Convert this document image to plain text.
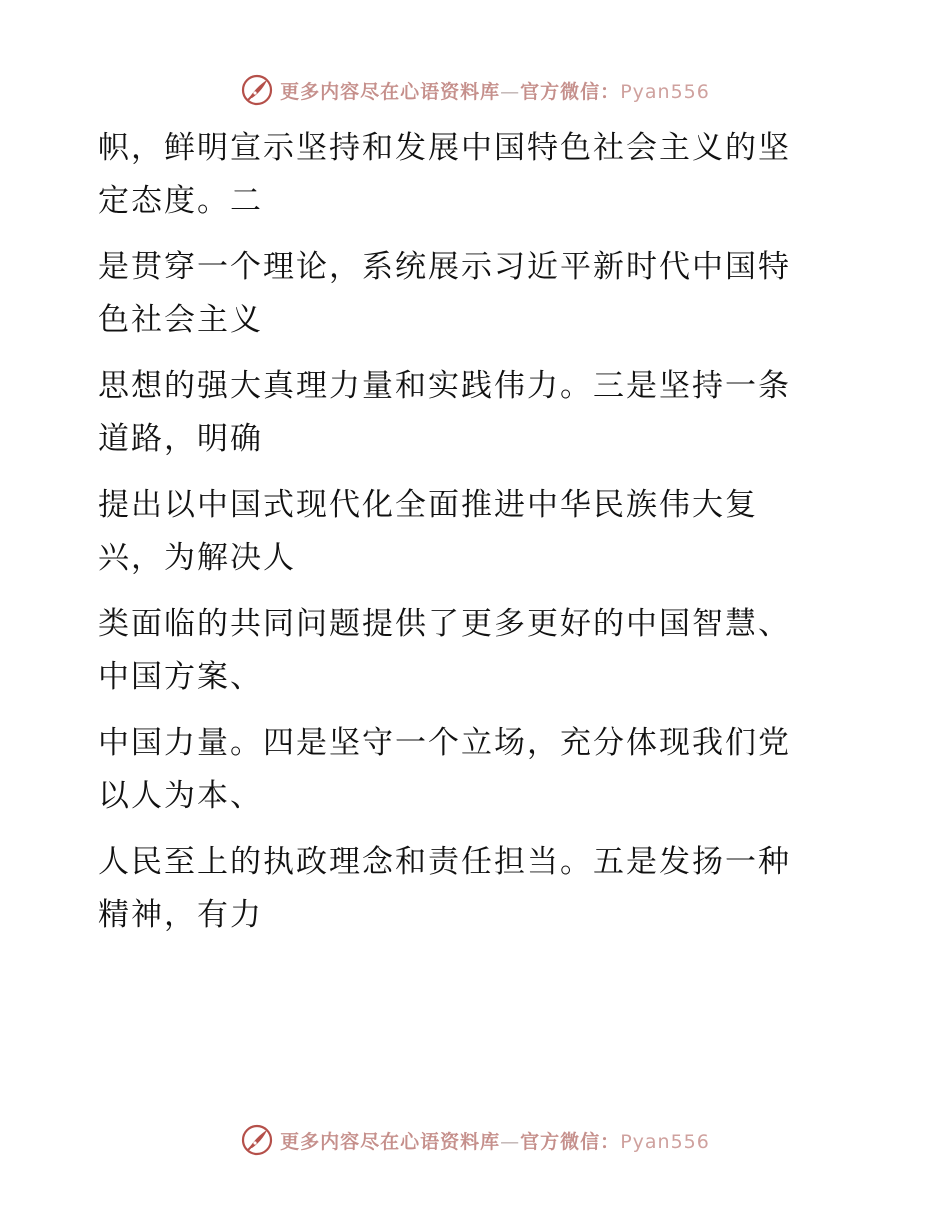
更多内容尽在心语资料库—官方微信：Pyan556

帜，鲜明宣示坚持和发展中国特色社会主义的坚
定态度。二

是贯穿一个理论，系统展示习近平新时代中国特
色社会主义

思想的强大真理力量和实践伟力。三是坚持一条
道路，明确

提出以中国式现代化全面推进中华民族伟大复
兴，为解决人

类面临的共同问题提供了更多更好的中国智慧、
中国方案、

中国力量。四是坚守一个立场，充分体现我们党
以人为本、

人民至上的执政理念和责任担当。五是发扬一种
精神，有力

更多内容尽在心语资料库—官方微信：Pyan556
